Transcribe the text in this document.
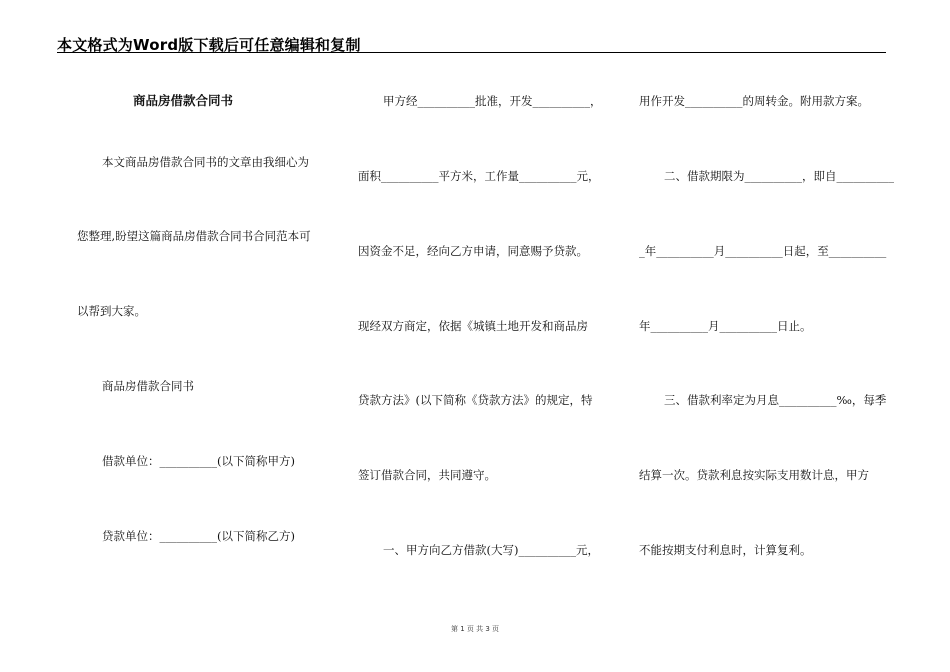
本文格式为Word版下载后可任意编辑和复制
商品房借款合同书
本文商品房借款合同书的文章由我细心为
您整理,盼望这篇商品房借款合同书合同范本可
以帮到大家。
商品房借款合同书
借款单位：__________(以下简称甲方)
贷款单位：__________(以下简称乙方)
甲方经__________批准，开发__________，
面积__________平方米，工作量__________元，
因资金不足，经向乙方申请，同意赐予贷款。
现经双方商定，依据《城镇土地开发和商品房
贷款方法》(以下简称《贷款方法》的规定，特
签订借款合同，共同遵守。
一、甲方向乙方借款(大写)__________元，
用作开发__________的周转金。附用款方案。
二、借款期限为__________，即自__________
_年__________月__________日起，至__________
年__________月__________日止。
三、借款利率定为月息__________‰，每季
结算一次。贷款利息按实际支用数计息，甲方
不能按期支付利息时，计算复利。
第 1 页 共 3 页
